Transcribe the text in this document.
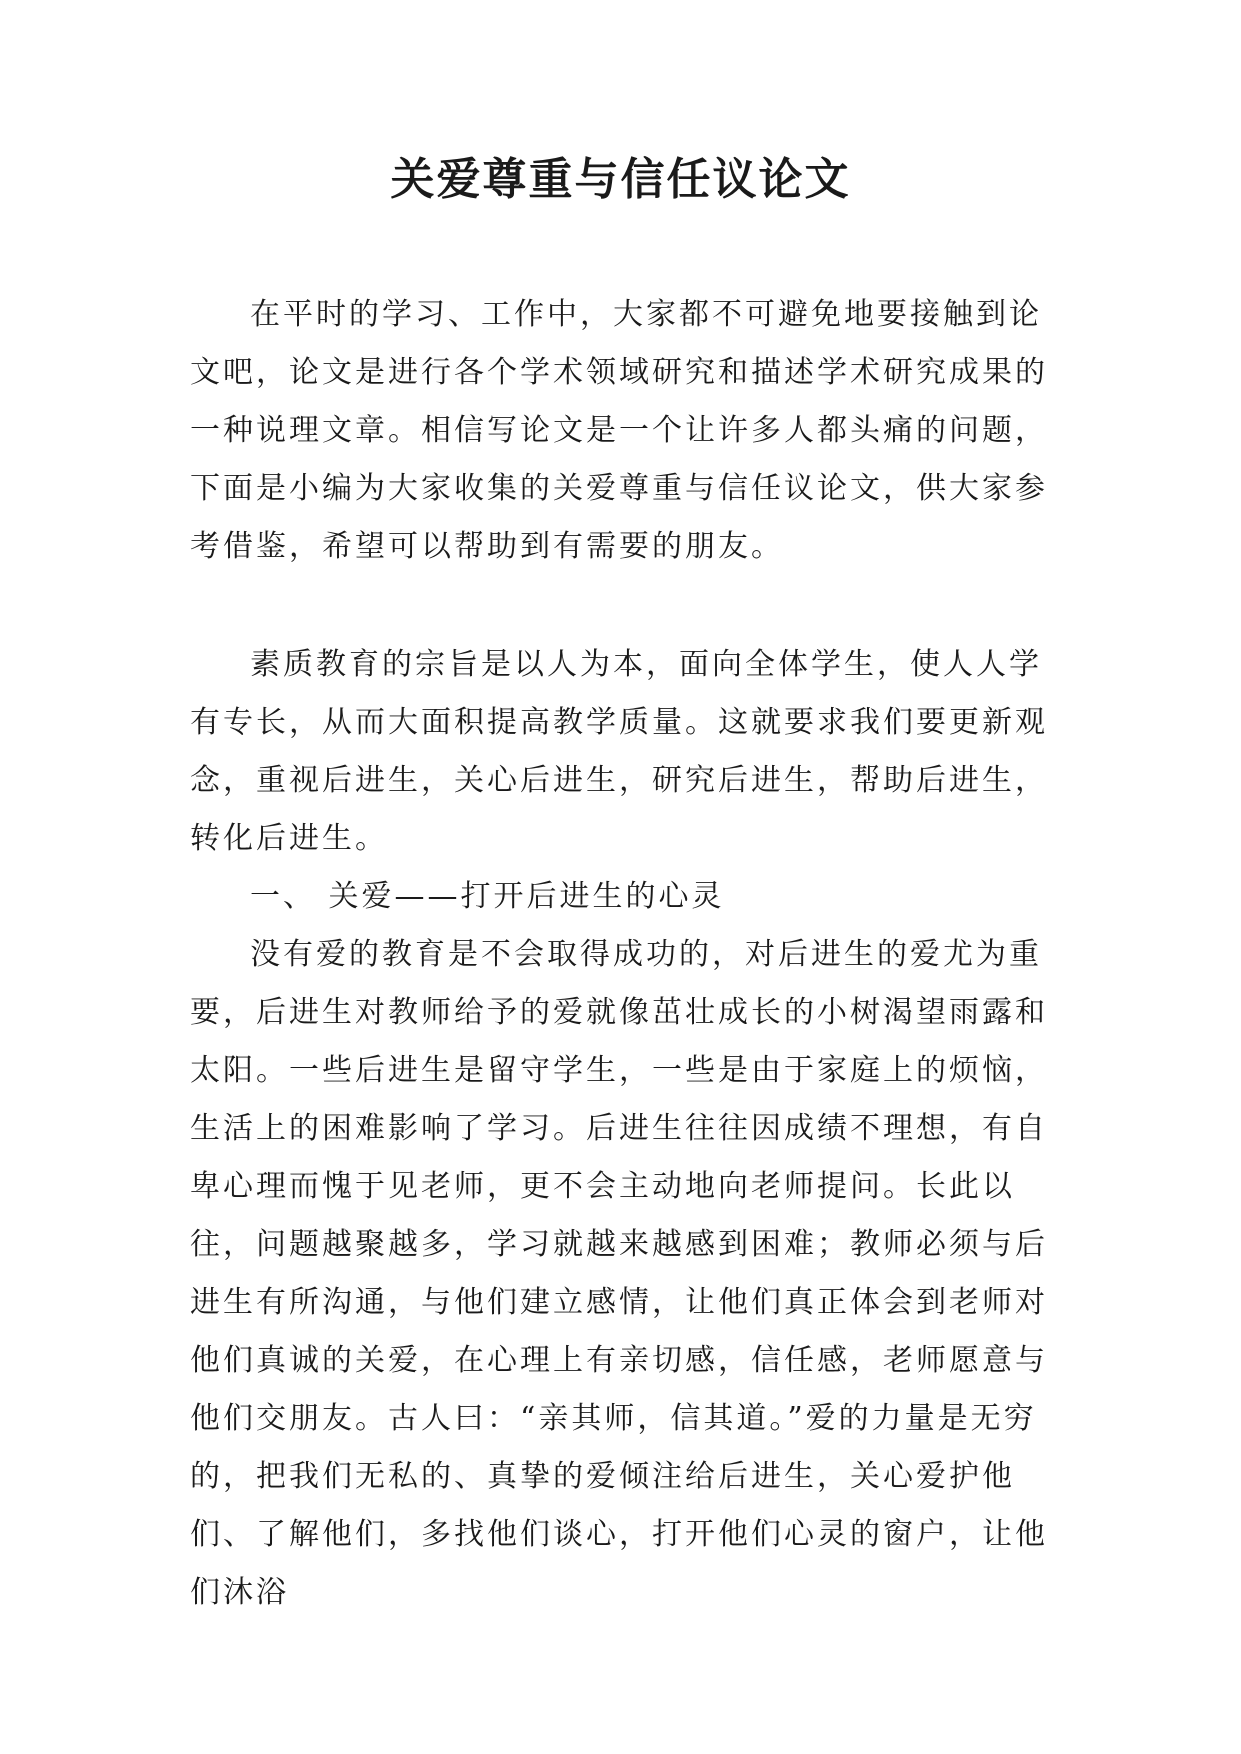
关爱尊重与信任议论文

在平时的学习、工作中，大家都不可避免地要接触到论文吧，论文是进行各个学术领域研究和描述学术研究成果的一种说理文章。相信写论文是一个让许多人都头痛的问题，下面是小编为大家收集的关爱尊重与信任议论文，供大家参考借鉴，希望可以帮助到有需要的朋友。

素质教育的宗旨是以人为本，面向全体学生，使人人学有专长，从而大面积提高教学质量。这就要求我们要更新观念，重视后进生，关心后进生，研究后进生，帮助后进生，转化后进生。

一、 关爱——打开后进生的心灵

没有爱的教育是不会取得成功的，对后进生的爱尤为重要，后进生对教师给予的爱就像茁壮成长的小树渴望雨露和太阳。一些后进生是留守学生，一些是由于家庭上的烦恼，生活上的困难影响了学习。后进生往往因成绩不理想，有自卑心理而愧于见老师，更不会主动地向老师提问。长此以往，问题越聚越多，学习就越来越感到困难；教师必须与后进生有所沟通，与他们建立感情，让他们真正体会到老师对他们真诚的关爱，在心理上有亲切感，信任感，老师愿意与他们交朋友。古人曰：“亲其师，信其道。”爱的力量是无穷的，把我们无私的、真挚的爱倾注给后进生，关心爱护他们、了解他们，多找他们谈心，打开他们心灵的窗户，让他们沐浴
